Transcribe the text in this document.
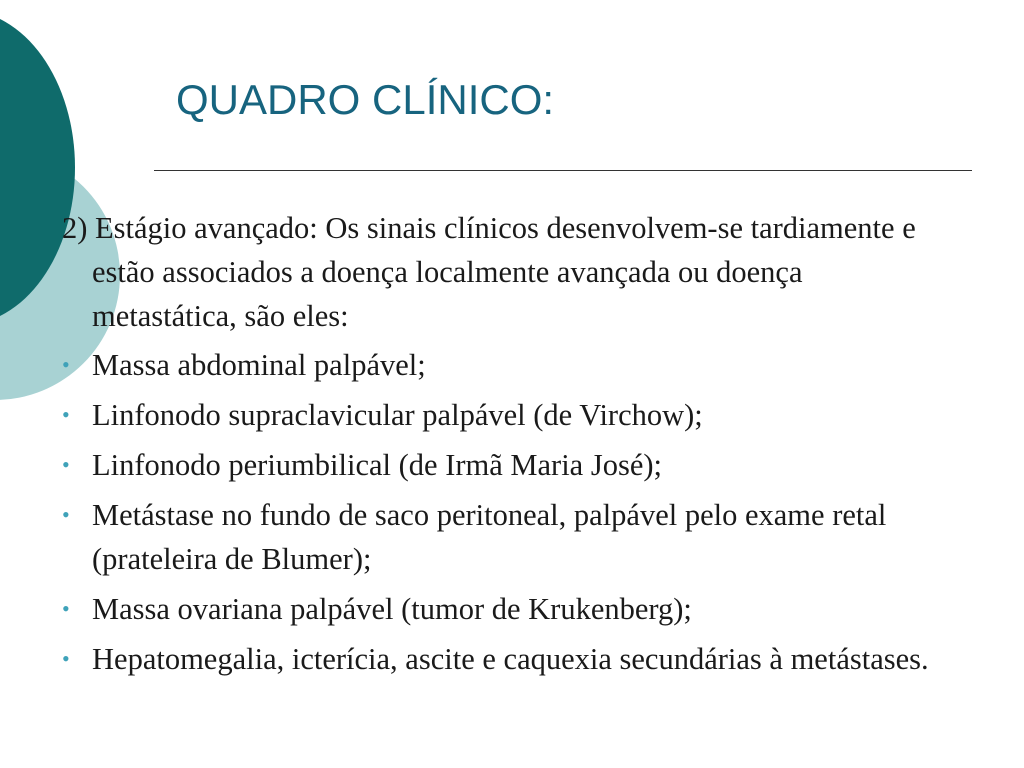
QUADRO CLÍNICO:

2) Estágio avançado: Os sinais clínicos desenvolvem-se tardiamente e estão associados a doença localmente avançada ou doença metastática, são eles:

• Massa abdominal palpável;
• Linfonodo supraclavicular palpável (de Virchow);
• Linfonodo periumbilical (de Irmã Maria José);
• Metástase no fundo de saco peritoneal, palpável pelo exame retal (prateleira de Blumer);
• Massa ovariana palpável (tumor de Krukenberg);
• Hepatomegalia, icterícia, ascite e caquexia secundárias à metástases.
